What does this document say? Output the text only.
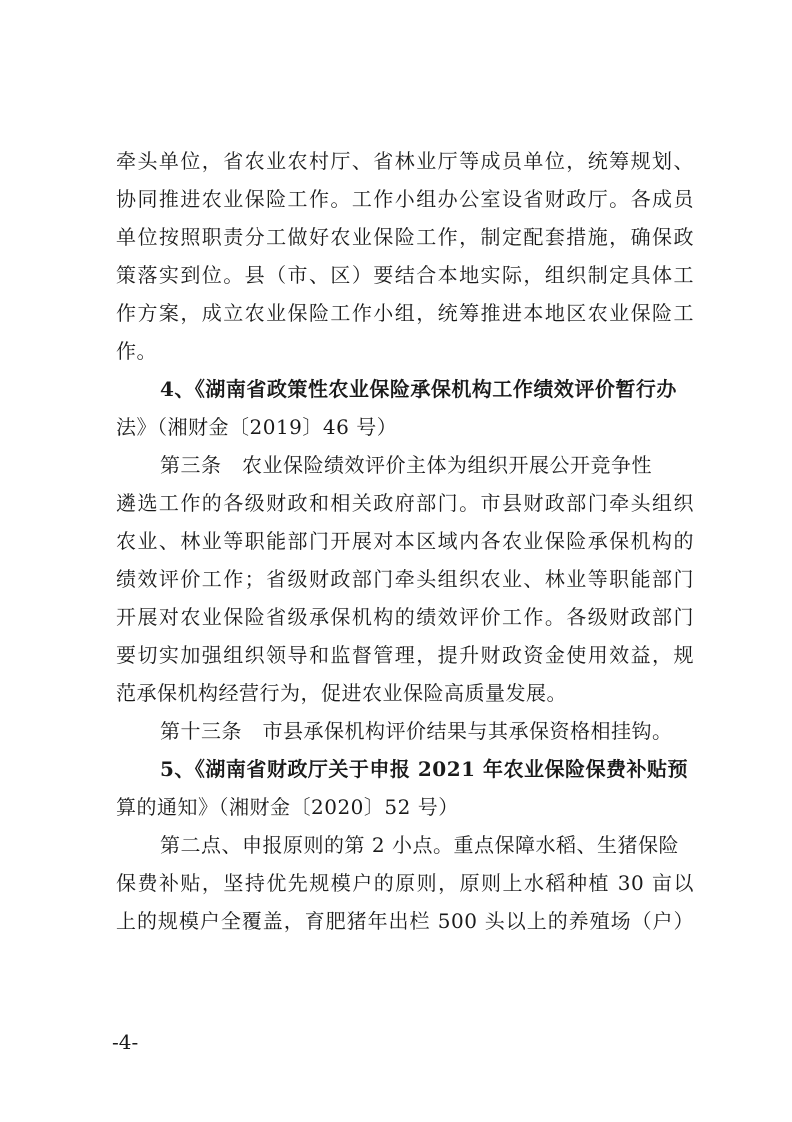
牵头单位，省农业农村厅、省林业厅等成员单位，统筹规划、
协同推进农业保险工作。工作小组办公室设省财政厅。各成员
单位按照职责分工做好农业保险工作，制定配套措施，确保政
策落实到位。县（市、区）要结合本地实际，组织制定具体工
作方案，成立农业保险工作小组，统筹推进本地区农业保险工
作。
4、《湖南省政策性农业保险承保机构工作绩效评价暂行办
法》（湘财金〔2019〕46 号）
第三条　农业保险绩效评价主体为组织开展公开竞争性
遴选工作的各级财政和相关政府部门。市县财政部门牵头组织
农业、林业等职能部门开展对本区域内各农业保险承保机构的
绩效评价工作；省级财政部门牵头组织农业、林业等职能部门
开展对农业保险省级承保机构的绩效评价工作。各级财政部门
要切实加强组织领导和监督管理，提升财政资金使用效益，规
范承保机构经营行为，促进农业保险高质量发展。
第十三条　市县承保机构评价结果与其承保资格相挂钩。
5、《湖南省财政厅关于申报 2021 年农业保险保费补贴预
算的通知》（湘财金〔2020〕52 号）
第二点、申报原则的第 2 小点。重点保障水稻、生猪保险
保费补贴，坚持优先规模户的原则，原则上水稻种植 30 亩以
上的规模户全覆盖，育肥猪年出栏 500 头以上的养殖场（户）
-4-
